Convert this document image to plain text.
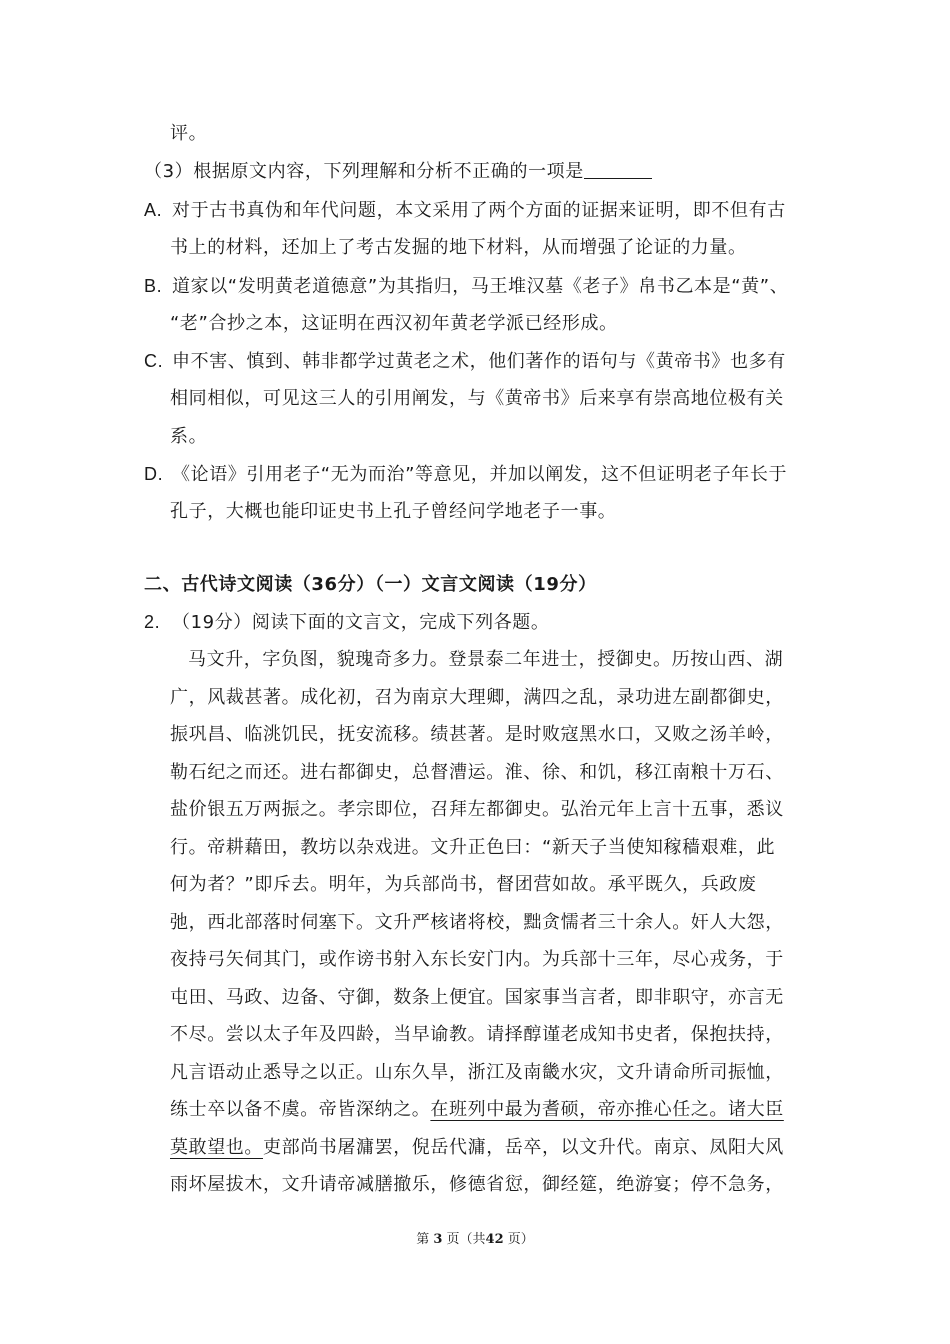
评。
（3）根据原文内容，下列理解和分析不正确的一项是
A. 对于古书真伪和年代问题，本文采用了两个方面的证据来证明，即不但有古
书上的材料，还加上了考古发掘的地下材料，从而增强了论证的力量。
B. 道家以“发明黄老道德意”为其指归，马王堆汉墓《老子》帛书乙本是“黄”、
“老”合抄之本，这证明在西汉初年黄老学派已经形成。
C. 申不害、慎到、韩非都学过黄老之术，他们著作的语句与《黄帝书》也多有
相同相似，可见这三人的引用阐发，与《黄帝书》后来享有崇高地位极有关
系。
D. 《论语》引用老子“无为而治”等意见，并加以阐发，这不但证明老子年长于
孔子，大概也能印证史书上孔子曾经问学地老子一事。
二、古代诗文阅读（36分）（一）文言文阅读（19分）
2. （19分）阅读下面的文言文，完成下列各题。
马文升，字负图，貌瑰奇多力。登景泰二年进士，授御史。历按山西、湖
广，风裁甚著。成化初，召为南京大理卿，满四之乱，录功进左副都御史，
振巩昌、临洮饥民，抚安流移。绩甚著。是时败寇黑水口，又败之汤羊岭，
勒石纪之而还。进右都御史，总督漕运。淮、徐、和饥，移江南粮十万石、
盐价银五万两振之。孝宗即位，召拜左都御史。弘治元年上言十五事，悉议
行。帝耕藉田，教坊以杂戏进。文升正色曰：“新天子当使知稼穑艰难，此
何为者？”即斥去。明年，为兵部尚书，督团营如故。承平既久，兵政废
弛，西北部落时伺塞下。文升严核诸将校，黜贪懦者三十余人。奸人大怨，
夜持弓矢伺其门，或作谤书射入东长安门内。为兵部十三年，尽心戎务，于
屯田、马政、边备、守御，数条上便宜。国家事当言者，即非职守，亦言无
不尽。尝以太子年及四龄，当早谕教。请择醇谨老成知书史者，保抱扶持，
凡言语动止悉导之以正。山东久旱，浙江及南畿水灾，文升请命所司振恤，
练士卒以备不虞。帝皆深纳之。在班列中最为耆硕，帝亦推心任之。诸大臣
莫敢望也。吏部尚书屠滽罢，倪岳代滽，岳卒，以文升代。南京、凤阳大风
雨坏屋拔木，文升请帝减膳撤乐，修德省愆，御经筵，绝游宴；停不急务，
第 3 页（共42 页）
